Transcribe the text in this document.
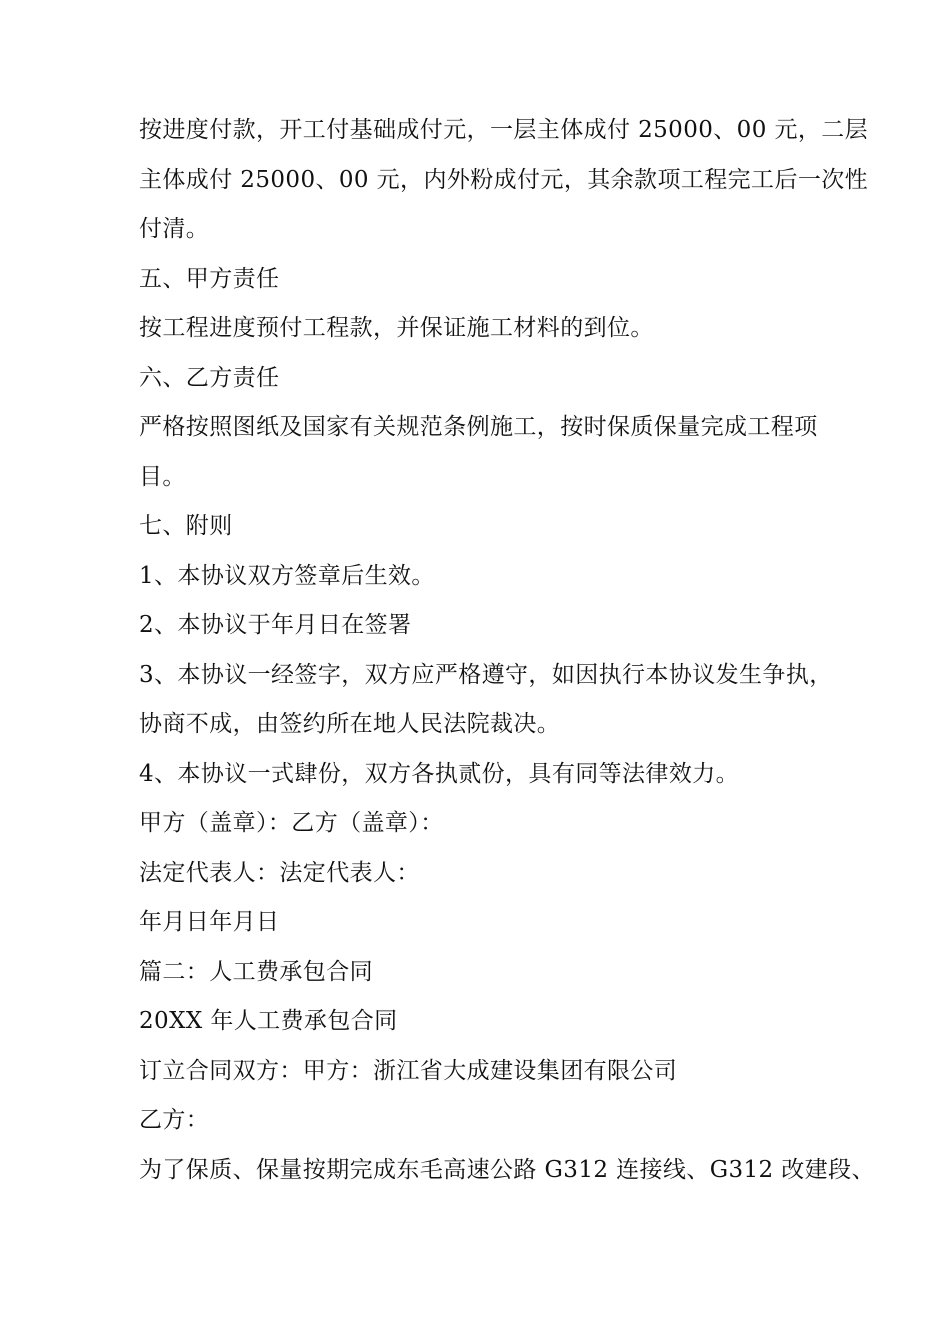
按进度付款，开工付基础成付元，一层主体成付 25000、00 元，二层
主体成付 25000、00 元，内外粉成付元，其余款项工程完工后一次性
付清。
五、甲方责任
按工程进度预付工程款，并保证施工材料的到位。
六、乙方责任
严格按照图纸及国家有关规范条例施工，按时保质保量完成工程项
目。
七、附则
1、本协议双方签章后生效。
2、本协议于年月日在签署
3、本协议一经签字，双方应严格遵守，如因执行本协议发生争执，
协商不成，由签约所在地人民法院裁决。
4、本协议一式肆份，双方各执贰份，具有同等法律效力。
甲方（盖章）：乙方（盖章）：
法定代表人：法定代表人：
年月日年月日
篇二：人工费承包合同
20XX 年人工费承包合同
订立合同双方：甲方：浙江省大成建设集团有限公司
乙方：
为了保质、保量按期完成东毛高速公路 G312 连接线、G312 改建段、
